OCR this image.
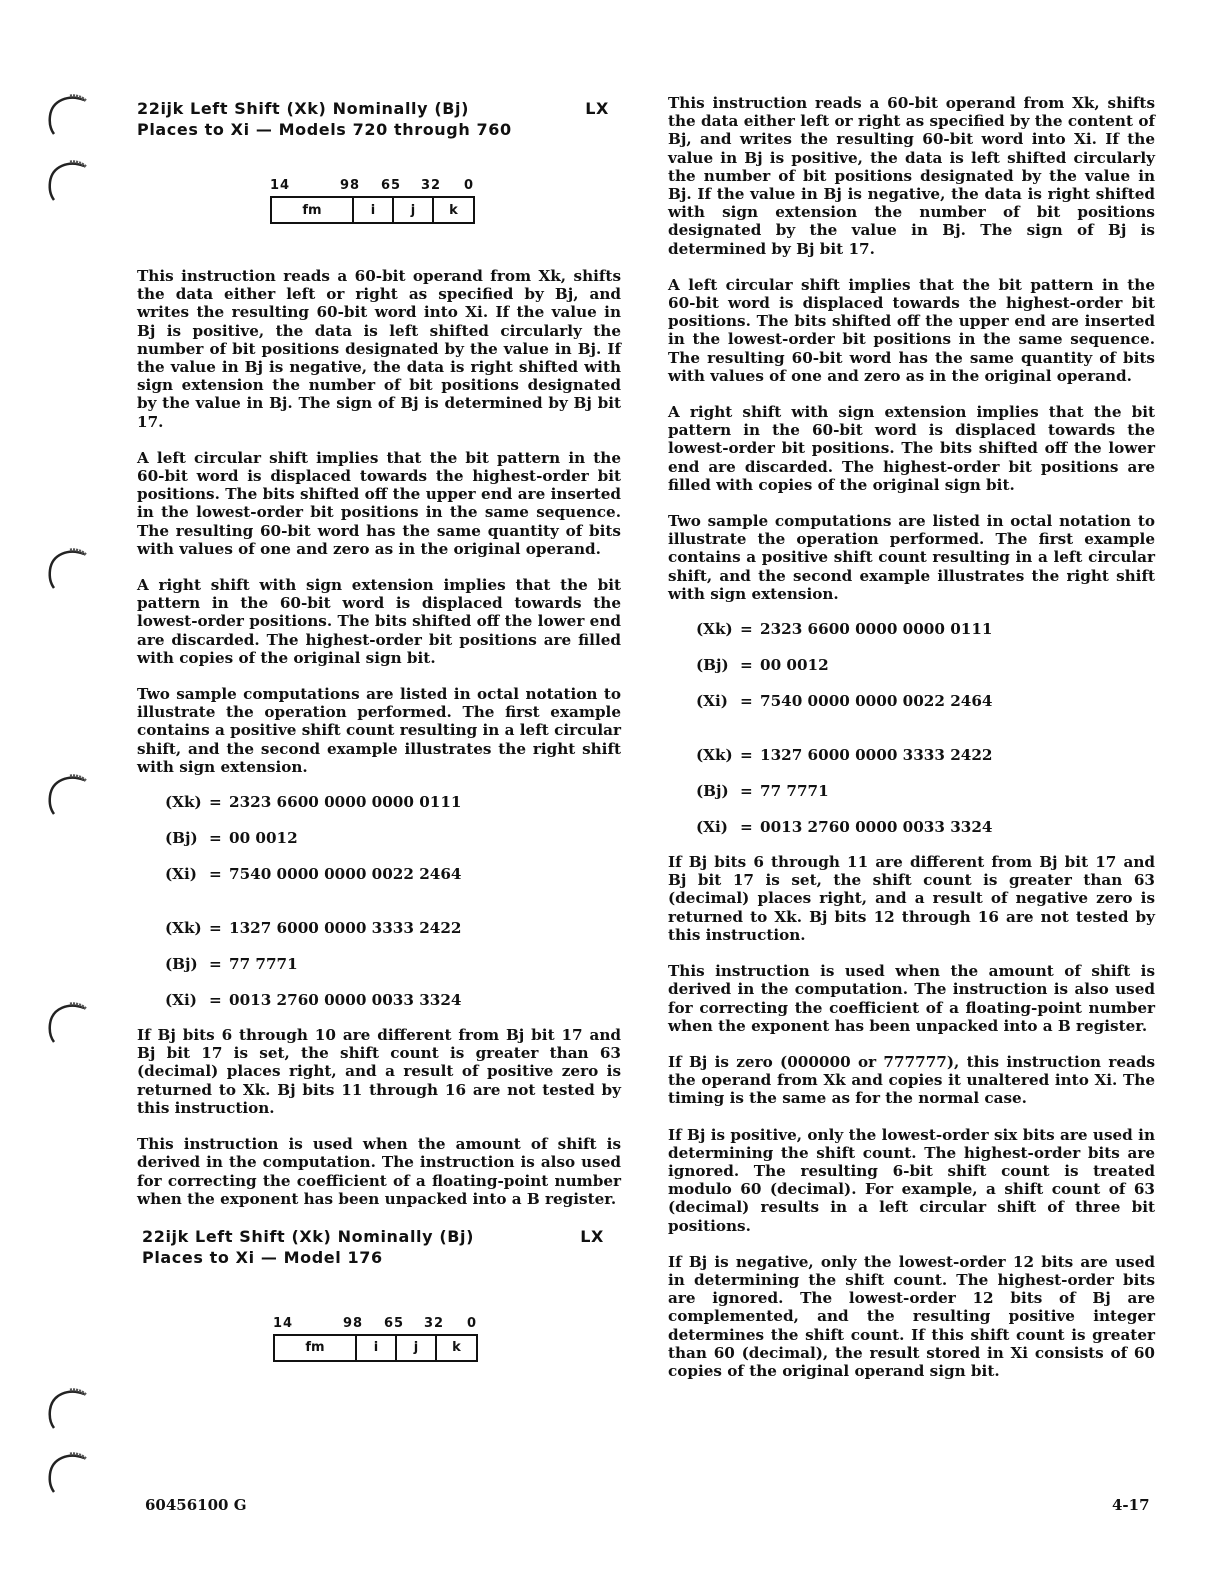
22ijk Left Shift (Xk) Nominally (Bj)
Places to Xi — Models 720 through 760
LX
14	98 65 32 0
fm	i	j	k

This instruction reads a 60-bit operand from Xk, shifts the data either left or right as specified by Bj, and writes the resulting 60-bit word into Xi. If the value in Bj is positive, the data is left shifted circularly the number of bit positions designated by the value in Bj. If the value in Bj is negative, the data is right shifted with sign extension the number of bit positions designated by the value in Bj. The sign of Bj is determined by Bj bit 17.

A left circular shift implies that the bit pattern in the 60-bit word is displaced towards the highest-order bit positions. The bits shifted off the upper end are inserted in the lowest-order bit positions in the same sequence. The resulting 60-bit word has the same quantity of bits with values of one and zero as in the original operand.

A right shift with sign extension implies that the bit pattern in the 60-bit word is displaced towards the lowest-order positions. The bits shifted off the lower end are discarded. The highest-order bit positions are filled with copies of the original sign bit.

Two sample computations are listed in octal notation to illustrate the operation performed. The first example contains a positive shift count resulting in a left circular shift, and the second example illustrates the right shift with sign extension.

(Xk) = 2323 6600 0000 0000 0111
(Bj) = 00 0012
(Xi) = 7540 0000 0000 0022 2464
(Xk) = 1327 6000 0000 3333 2422
(Bj) = 77 7771
(Xi) = 0013 2760 0000 0033 3324

If Bj bits 6 through 10 are different from Bj bit 17 and Bj bit 17 is set, the shift count is greater than 63 (decimal) places right, and a result of positive zero is returned to Xk. Bj bits 11 through 16 are not tested by this instruction.

This instruction is used when the amount of shift is derived in the computation. The instruction is also used for correcting the coefficient of a floating-point number when the exponent has been unpacked into a B register.

22ijk Left Shift (Xk) Nominally (Bj)
Places to Xi — Model 176
LX
14	98 65 32 0
fm	i	j	k

This instruction reads a 60-bit operand from Xk, shifts the data either left or right as specified by the content of Bj, and writes the resulting 60-bit word into Xi. If the value in Bj is positive, the data is left shifted circularly the number of bit positions designated by the value in Bj. If the value in Bj is negative, the data is right shifted with sign extension the number of bit positions designated by the value in Bj. The sign of Bj is determined by Bj bit 17.

A left circular shift implies that the bit pattern in the 60-bit word is displaced towards the highest-order bit positions. The bits shifted off the upper end are inserted in the lowest-order bit positions in the same sequence. The resulting 60-bit word has the same quantity of bits with values of one and zero as in the original operand.

A right shift with sign extension implies that the bit pattern in the 60-bit word is displaced towards the lowest-order bit positions. The bits shifted off the lower end are discarded. The highest-order bit positions are filled with copies of the original sign bit.

Two sample computations are listed in octal notation to illustrate the operation performed. The first example contains a positive shift count resulting in a left circular shift, and the second example illustrates the right shift with sign extension.

(Xk) = 2323 6600 0000 0000 0111
(Bj) = 00 0012
(Xi) = 7540 0000 0000 0022 2464
(Xk) = 1327 6000 0000 3333 2422
(Bj) = 77 7771
(Xi) = 0013 2760 0000 0033 3324

If Bj bits 6 through 11 are different from Bj bit 17 and Bj bit 17 is set, the shift count is greater than 63 (decimal) places right, and a result of negative zero is returned to Xk. Bj bits 12 through 16 are not tested by this instruction.

This instruction is used when the amount of shift is derived in the computation. The instruction is also used for correcting the coefficient of a floating-point number when the exponent has been unpacked into a B register.

If Bj is zero (000000 or 777777), this instruction reads the operand from Xk and copies it unaltered into Xi. The timing is the same as for the normal case.

If Bj is positive, only the lowest-order six bits are used in determining the shift count. The highest-order bits are ignored. The resulting 6-bit shift count is treated modulo 60 (decimal). For example, a shift count of 63 (decimal) results in a left circular shift of three bit positions.

If Bj is negative, only the lowest-order 12 bits are used in determining the shift count. The highest-order bits are ignored. The lowest-order 12 bits of Bj are complemented, and the resulting positive integer determines the shift count. If this shift count is greater than 60 (decimal), the result stored in Xi consists of 60 copies of the original operand sign bit.

60456100 G	4-17
